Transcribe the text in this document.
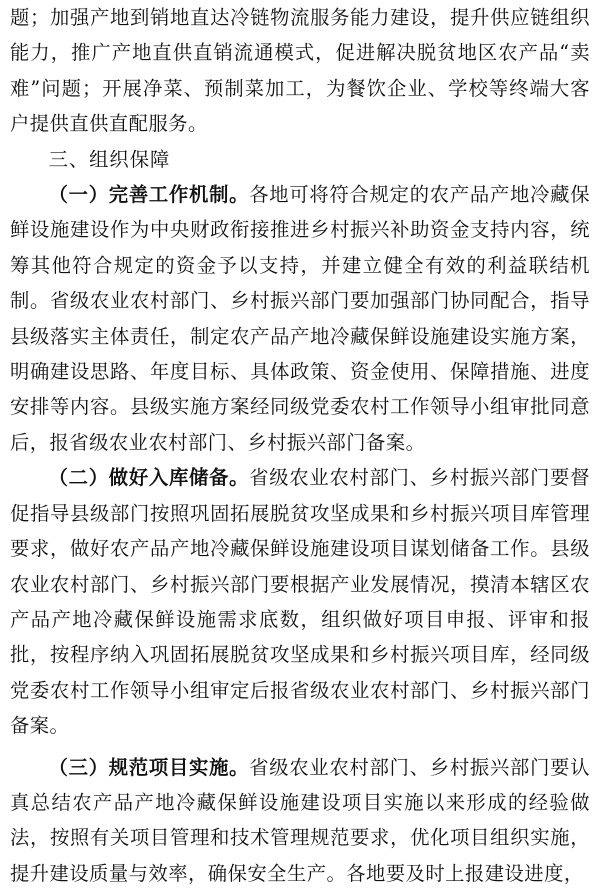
题；加强产地到销地直达冷链物流服务能力建设，提升供应链组织能力，推广产地直供直销流通模式，促进解决脱贫地区农产品“卖难”问题；开展净菜、预制菜加工，为餐饮企业、学校等终端大客户提供直供直配服务。

三、组织保障

（一）完善工作机制。各地可将符合规定的农产品产地冷藏保鲜设施建设作为中央财政衔接推进乡村振兴补助资金支持内容，统筹其他符合规定的资金予以支持，并建立健全有效的利益联结机制。省级农业农村部门、乡村振兴部门要加强部门协同配合，指导县级落实主体责任，制定农产品产地冷藏保鲜设施建设实施方案，明确建设思路、年度目标、具体政策、资金使用、保障措施、进度安排等内容。县级实施方案经同级党委农村工作领导小组审批同意后，报省级农业农村部门、乡村振兴部门备案。

（二）做好入库储备。省级农业农村部门、乡村振兴部门要督促指导县级部门按照巩固拓展脱贫攻坚成果和乡村振兴项目库管理要求，做好农产品产地冷藏保鲜设施建设项目谋划储备工作。县级农业农村部门、乡村振兴部门要根据产业发展情况，摸清本辖区农产品产地冷藏保鲜设施需求底数，组织做好项目申报、评审和报批，按程序纳入巩固拓展脱贫攻坚成果和乡村振兴项目库，经同级党委农村工作领导小组审定后报省级农业农村部门、乡村振兴部门备案。

（三）规范项目实施。省级农业农村部门、乡村振兴部门要认真总结农产品产地冷藏保鲜设施建设项目实施以来形成的经验做法，按照有关项目管理和技术管理规范要求，优化项目组织实施，提升建设质量与效率，确保安全生产。各地要及时上报建设进度，
